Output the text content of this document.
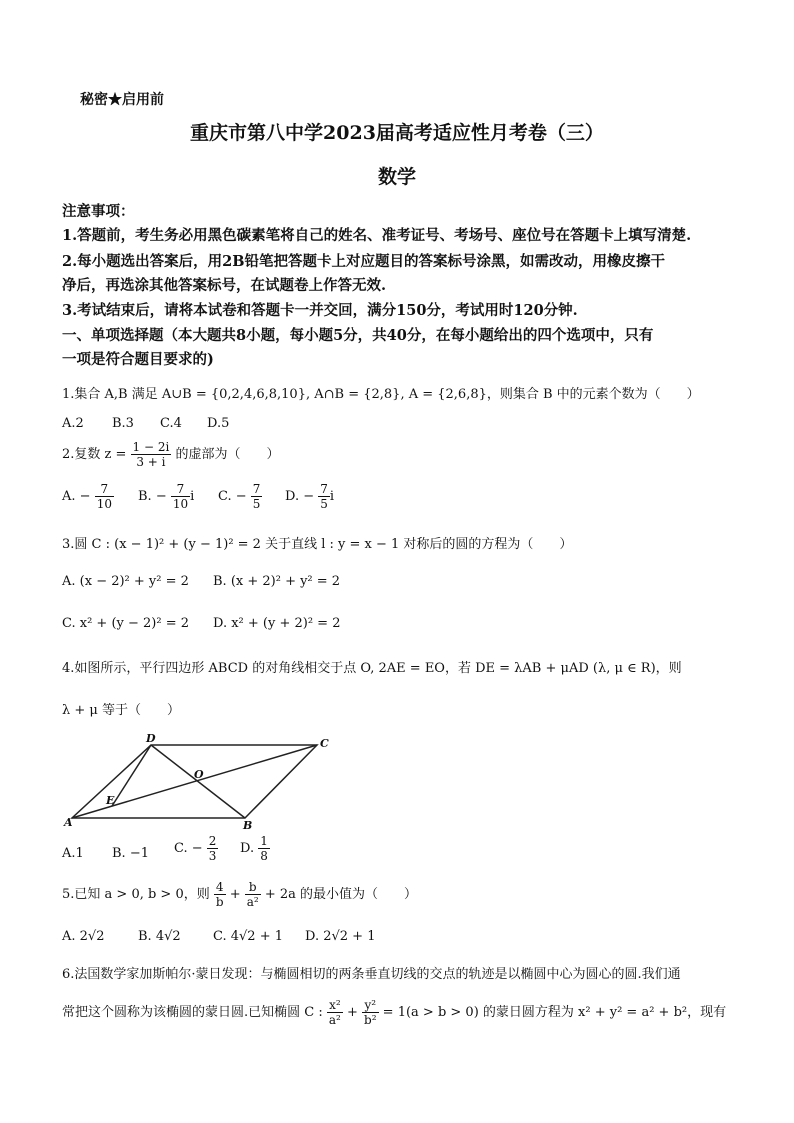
秘密★启用前
重庆市第八中学2023届高考适应性月考卷（三）
数学
注意事项：
1.答题前，考生务必用黑色碳素笔将自己的姓名、准考证号、考场号、座位号在答题卡上填写清楚.
2.每小题选出答案后，用2B铅笔把答题卡上对应题目的答案标号涂黑，如需改动，用橡皮擦干
净后，再选涂其他答案标号，在试题卷上作答无效.
3.考试结束后，请将本试卷和答题卡一并交回，满分150分，考试用时120分钟.
一、单项选择题（本大题共8小题，每小题5分，共40分，在每小题给出的四个选项中，只有
一项是符合题目要求的)
1.集合 A,B 满足 A∪B = {0,2,4,6,8,10}, A∩B = {2,8}, A = {2,6,8}，则集合 B 中的元素个数为（　　）
A.2 B.3 C.4 D.5
2.复数 $z = \frac{1 - 2i}{3 + i}$ 的虚部为（　　）
A. − $\frac{7}{10} B$. − $\frac{7}{10}$ i C. − $\frac{7}{5} D$. − $\frac{7}{5}$ i
3.圆 C : (x − 1)² + (y − 1)² = 2 关于直线 l : y = x − 1 对称后的圆的方程为（　　）
A. (x − 2)² + y² = 2 B. (x + 2)² + y² = 2
C. x² + (y − 2)² = 2 D. x² + (y + 2)² = 2
4.如图所示，平行四边形 ABCD 的对角线相交于点 O, 2AE = EO，若 DE = λAB + μAD (λ, μ ∈ R)，则
λ + μ 等于（　　）
A	B
C
D
E
O
A.1 B. −1 C. − $\frac{2}{3} D$. $\frac{1}{8}$
5.已知 a > 0, b > 0，则 $\frac{4}{b} + \frac{b}{\text{a²}} + 2a$ 的最小值为（　　）
A. 2√2	B. 4√2 C. 4√2 + 1 D. 2√2 + 1
6.法国数学家加斯帕尔·蒙日发现：与椭圆相切的两条垂直切线的交点的轨迹是以椭圆中心为圆心的圆.我们通
常把这个圆称为该椭圆的蒙日圆.已知椭圆 C : $\frac{\text{x²}}{\text{a²}} + \frac{\text{y²}}{\text{b²}} = 1(a > b > 0)$ 的蒙日圆方程为 x² + y² = a² + b²，现有
